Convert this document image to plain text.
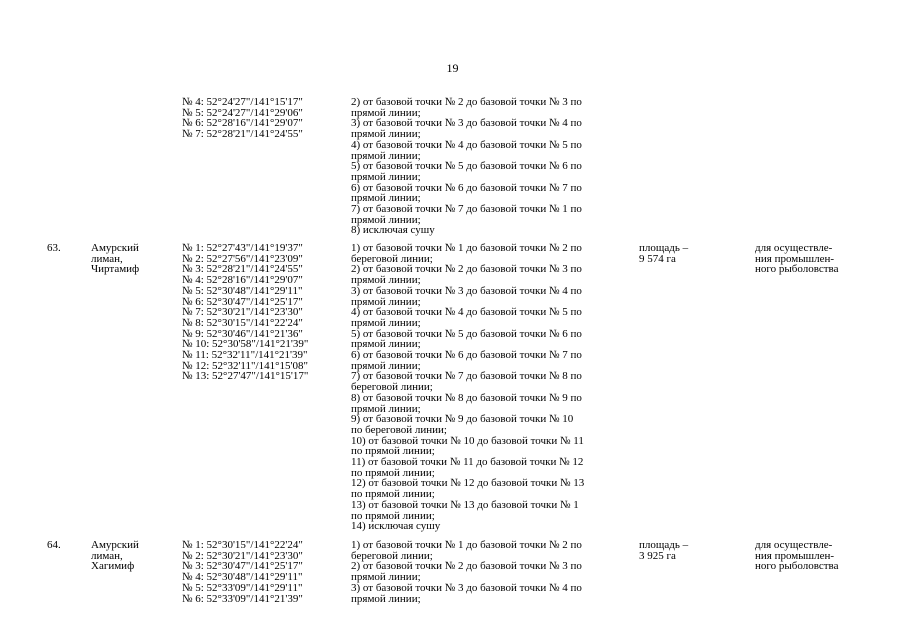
19
№ 4: 52°24'27"/141°15'17"
№ 5: 52°24'27"/141°29'06"
№ 6: 52°28'16"/141°29'07"
№ 7: 52°28'21"/141°24'55"
2) от базовой точки № 2 до базовой точки № 3 по
прямой линии;
3) от базовой точки № 3 до базовой точки № 4 по
прямой линии;
4) от базовой точки № 4 до базовой точки № 5 по
прямой линии;
5) от базовой точки № 5 до базовой точки № 6 по
прямой линии;
6) от базовой точки № 6 до базовой точки № 7 по
прямой линии;
7) от базовой точки № 7 до базовой точки № 1 по
прямой линии;
8) исключая сушу
63.	Амурский
лиман,
Чиртамиф
№ 1: 52°27'43"/141°19'37"
№ 2: 52°27'56"/141°23'09"
№ 3: 52°28'21"/141°24'55"
№ 4: 52°28'16"/141°29'07"
№ 5: 52°30'48"/141°29'11"
№ 6: 52°30'47"/141°25'17"
№ 7: 52°30'21"/141°23'30"
№ 8: 52°30'15"/141°22'24"
№ 9: 52°30'46"/141°21'36"
№ 10: 52°30'58"/141°21'39"
№ 11: 52°32'11"/141°21'39"
№ 12: 52°32'11"/141°15'08"
№ 13: 52°27'47"/141°15'17"
1) от базовой точки № 1 до базовой точки № 2 по
береговой линии;
2) от базовой точки № 2 до базовой точки № 3 по
прямой линии;
3) от базовой точки № 3 до базовой точки № 4 по
прямой линии;
4) от базовой точки № 4 до базовой точки № 5 по
прямой линии;
5) от базовой точки № 5 до базовой точки № 6 по
прямой линии;
6) от базовой точки № 6 до базовой точки № 7 по
прямой линии;
7) от базовой точки № 7 до базовой точки № 8 по
береговой линии;
8) от базовой точки № 8 до базовой точки № 9 по
прямой линии;
9) от базовой точки № 9 до базовой точки № 10
по береговой линии;
10) от базовой точки № 10 до базовой точки № 11
по прямой линии;
11) от базовой точки № 11 до базовой точки № 12
по прямой линии;
12) от базовой точки № 12 до базовой точки № 13
по прямой линии;
13) от базовой точки № 13 до базовой точки № 1
по прямой линии;
14) исключая сушу
площадь –
9 574 га
для осуществле-
ния промышлен-
ного рыболовства
64.	Амурский
лиман,
Хагимиф
№ 1: 52°30'15"/141°22'24"
№ 2: 52°30'21"/141°23'30"
№ 3: 52°30'47"/141°25'17"
№ 4: 52°30'48"/141°29'11"
№ 5: 52°33'09"/141°29'11"
№ 6: 52°33'09"/141°21'39"
1) от базовой точки № 1 до базовой точки № 2 по
береговой линии;
2) от базовой точки № 2 до базовой точки № 3 по
прямой линии;
3) от базовой точки № 3 до базовой точки № 4 по
прямой линии;
площадь –
3 925 га
для осуществле-
ния промышлен-
ного рыболовства
